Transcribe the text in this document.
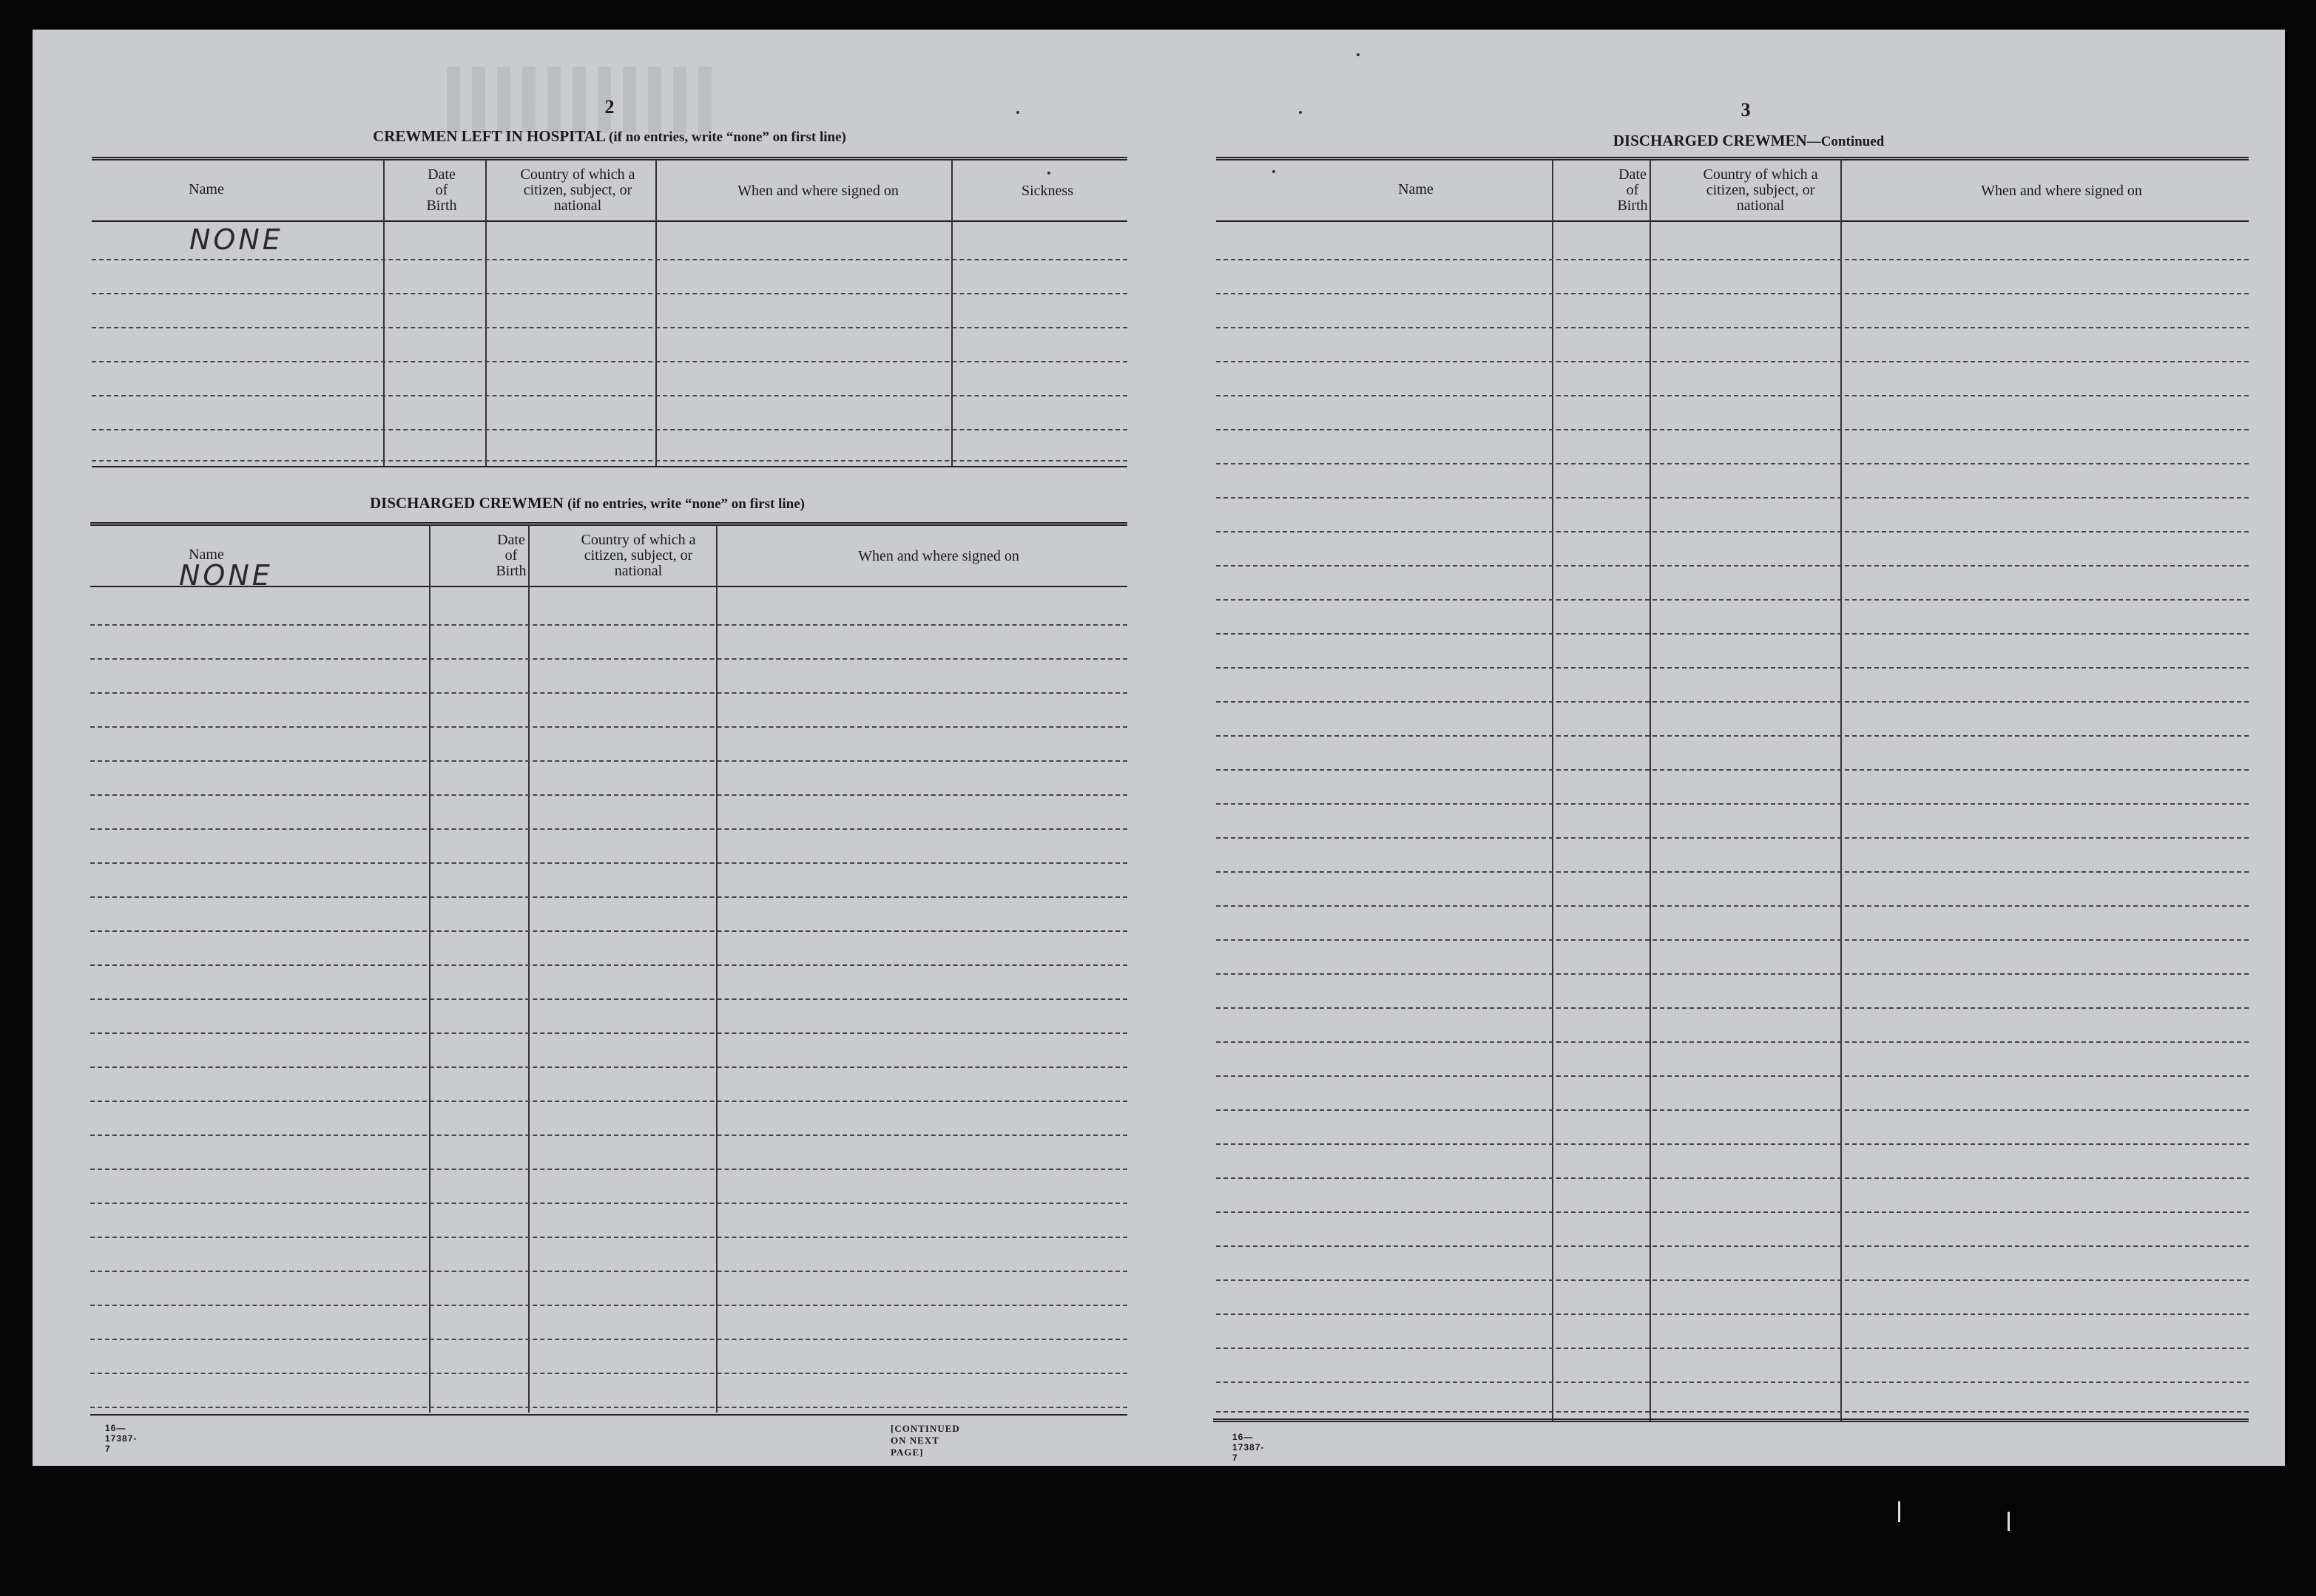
2
CREWMEN LEFT IN HOSPITAL (if no entries, write “none” on first line)
Name
Date
of
Birth
Country of which a
citizen, subject, or
national
When and where signed on	Sickness
NONE
DISCHARGED CREWMEN (if no entries, write “none” on first line)
Name
Date
of
Birth
Country of which a
citizen, subject, or
national
When and where signed on
NONE
16—17387-7
[CONTINUED ON NEXT PAGE]
3
DISCHARGED CREWMEN—Continued
Name
Date
of
Birth
Country of which a
citizen, subject, or
national
When and where signed on
16—17387-7
